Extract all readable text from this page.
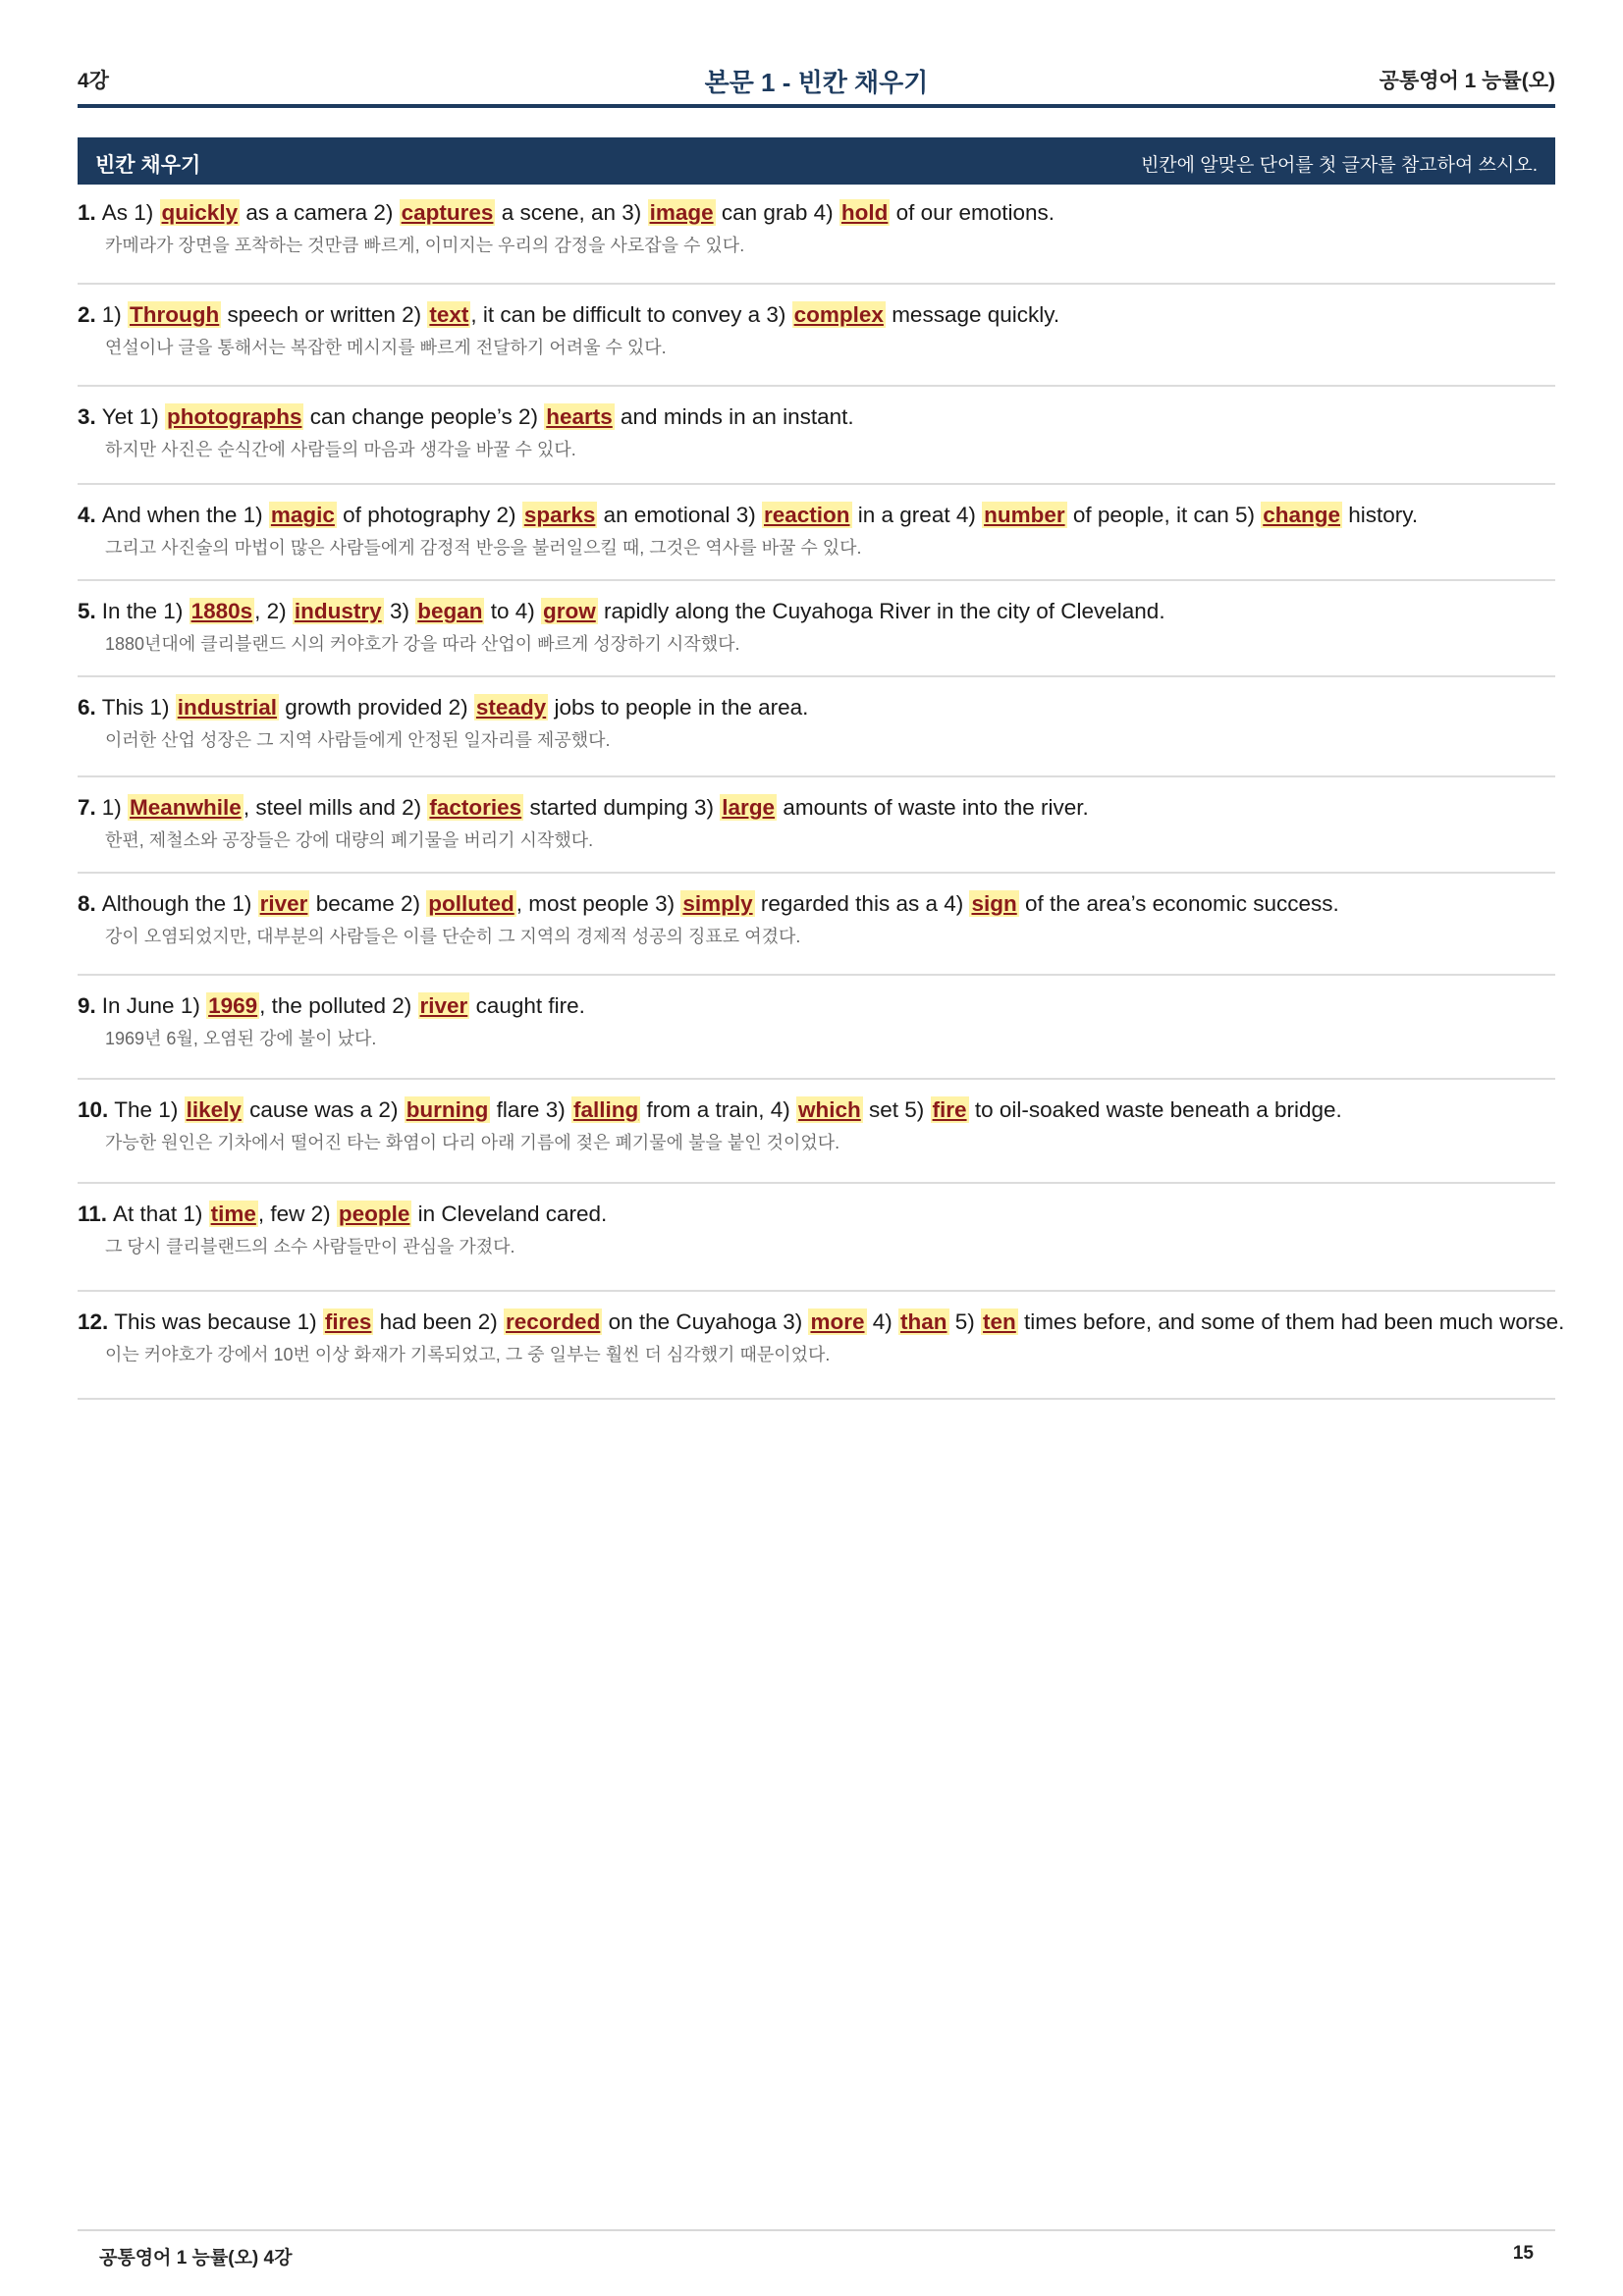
4강	본문 1 - 빈칸 채우기	공통영어 1 능률(오)
빈칸 채우기	빈칸에 알맞은 단어를 첫 글자를 참고하여 쓰시오.
1. As 1) quickly as a camera 2) captures a scene, an 3) image can grab 4) hold of our emotions.
카메라가 장면을 포착하는 것만큼 빠르게, 이미지는 우리의 감정을 사로잡을 수 있다.
2. 1) Through speech or written 2) text, it can be difficult to convey a 3) complex message quickly.
연설이나 글을 통해서는 복잡한 메시지를 빠르게 전달하기 어려울 수 있다.
3. Yet 1) photographs can change people’s 2) hearts and minds in an instant.
하지만 사진은 순식간에 사람들의 마음과 생각을 바꿀 수 있다.
4. And when the 1) magic of photography 2) sparks an emotional 3) reaction in a great 4) number of people, it can 5) change history.
그리고 사진술의 마법이 많은 사람들에게 감정적 반응을 불러일으킬 때, 그것은 역사를 바꿀 수 있다.
5. In the 1) 1880s, 2) industry 3) began to 4) grow rapidly along the Cuyahoga River in the city of Cleveland.
1880년대에 클리블랜드 시의 커야호가 강을 따라 산업이 빠르게 성장하기 시작했다.
6. This 1) industrial growth provided 2) steady jobs to people in the area.
이러한 산업 성장은 그 지역 사람들에게 안정된 일자리를 제공했다.
7. 1) Meanwhile, steel mills and 2) factories started dumping 3) large amounts of waste into the river.
한편, 제철소와 공장들은 강에 대량의 폐기물을 버리기 시작했다.
8. Although the 1) river became 2) polluted, most people 3) simply regarded this as a 4) sign of the area’s economic success.
강이 오염되었지만, 대부분의 사람들은 이를 단순히 그 지역의 경제적 성공의 징표로 여겼다.
9. In June 1) 1969, the polluted 2) river caught fire.
1969년 6월, 오염된 강에 불이 났다.
10. The 1) likely cause was a 2) burning flare 3) falling from a train, 4) which set 5) fire to oil-soaked waste beneath a bridge.
가능한 원인은 기차에서 떨어진 타는 화염이 다리 아래 기름에 젖은 폐기물에 불을 붙인 것이었다.
11. At that 1) time, few 2) people in Cleveland cared.
그 당시 클리블랜드의 소수 사람들만이 관심을 가졌다.
12. This was because 1) fires had been 2) recorded on the Cuyahoga 3) more 4) than 5) ten times before, and some of them had been much worse.
이는 커야호가 강에서 10번 이상 화재가 기록되었고, 그 중 일부는 훨씬 더 심각했기 때문이었다.
공통영어 1 능률(오) 4강	15
